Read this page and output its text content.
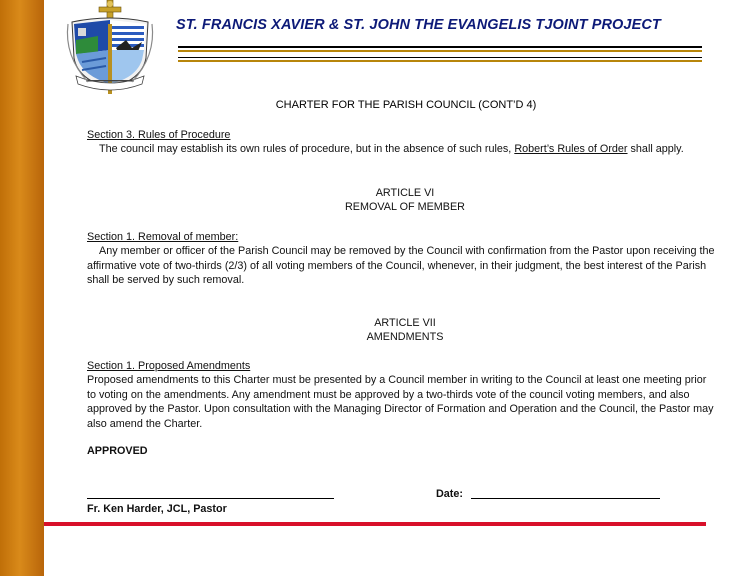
ST. FRANCIS XAVIER & ST. JOHN THE EVANGELIS TJOINT PROJECT
CHARTER FOR THE PARISH COUNCIL (CONT’D 4)
Section 3. Rules of Procedure
The council may establish its own rules of procedure, but in the absence of such rules, Robert’s Rules of Order shall apply.
ARTICLE VI
REMOVAL OF MEMBER
Section 1. Removal of member:
Any member or officer of the Parish Council may be removed by the Council with confirmation from the Pastor upon receiving the affirmative vote of two-thirds (2/3) of all voting members of the Council, whenever, in their judgment, the best interest of the Parish shall be served by such removal.
ARTICLE VII
AMENDMENTS
Section 1. Proposed Amendments
Proposed amendments to this Charter must be presented by a Council member in writing to the Council at least one meeting prior to voting on the amendments. Any amendment must be approved by a two-thirds vote of the council voting members, and also approved by the Pastor. Upon consultation with the Managing Director of Formation and Operation and the Council, the Pastor may also amend the Charter.
APPROVED
Fr. Ken Harder, JCL, Pastor
Date:
